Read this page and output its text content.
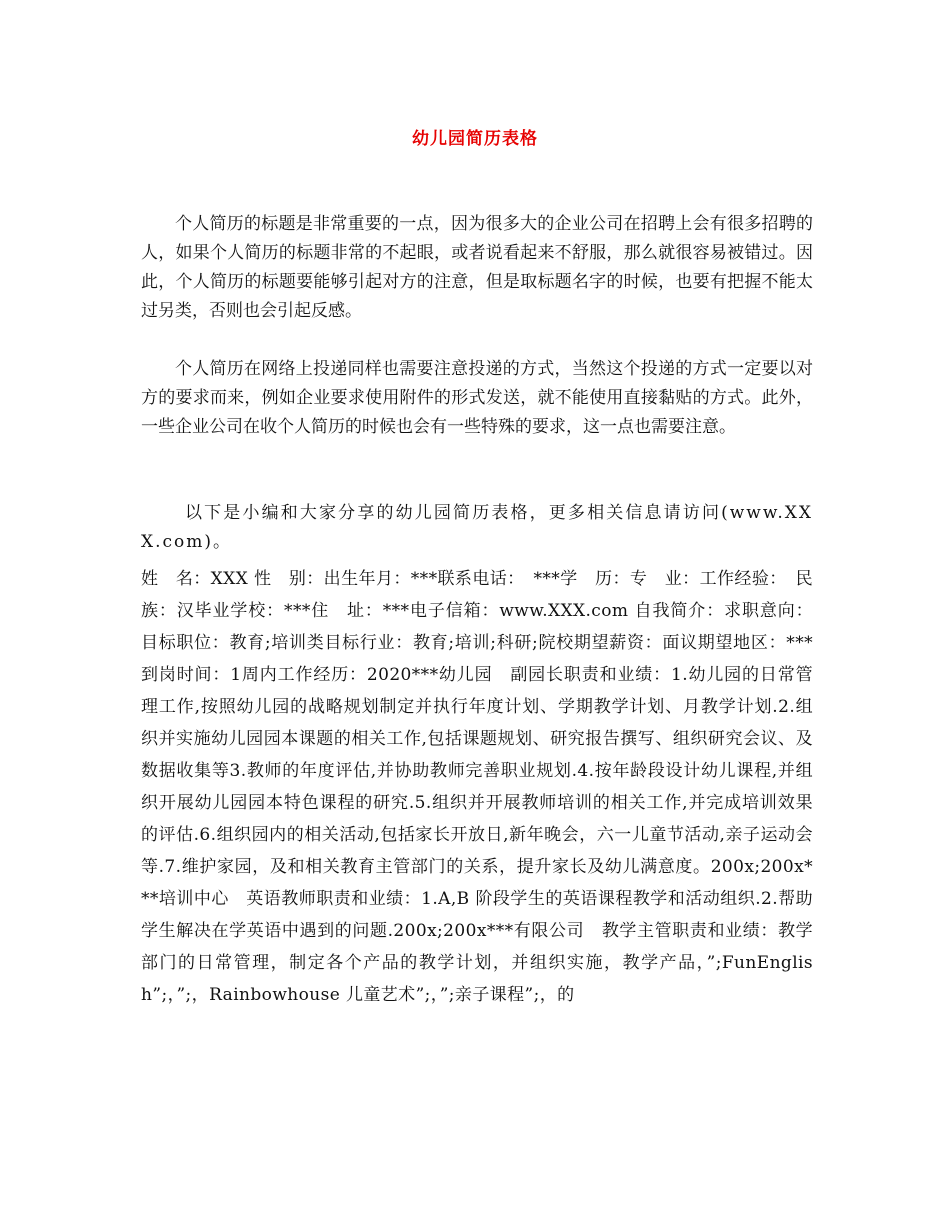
幼儿园简历表格

个人简历的标题是非常重要的一点，因为很多大的企业公司在招聘上会有很多招聘的人，如果个人简历的标题非常的不起眼，或者说看起来不舒服，那么就很容易被错过。因此，个人简历的标题要能够引起对方的注意，但是取标题名字的时候，也要有把握不能太过另类，否则也会引起反感。

个人简历在网络上投递同样也需要注意投递的方式，当然这个投递的方式一定要以对方的要求而来，例如企业要求使用附件的形式发送，就不能使用直接黏贴的方式。此外，一些企业公司在收个人简历的时候也会有一些特殊的要求，这一点也需要注意。

以下是小编和大家分享的幼儿园简历表格，更多相关信息请访问(www.XXX.com)。

姓　名：XXX 性　别：出生年月：***联系电话：　***学　历：专　业：工作经验：　民族：汉毕业学校：***住　址：***电子信箱：www.XXX.com 自我简介：求职意向：目标职位：教育;培训类目标行业：教育;培训;科研;院校期望薪资：面议期望地区：***到岗时间：1周内工作经历：2020***幼儿园　副园长职责和业绩：1.幼儿园的日常管理工作,按照幼儿园的战略规划制定并执行年度计划、学期教学计划、月教学计划.2.组织并实施幼儿园园本课题的相关工作,包括课题规划、研究报告撰写、组织研究会议、及数据收集等3.教师的年度评估,并协助教师完善职业规划.4.按年龄段设计幼儿课程,并组织开展幼儿园园本特色课程的研究.5.组织并开展教师培训的相关工作,并完成培训效果的评估.6.组织园内的相关活动,包括家长开放日,新年晚会，六一儿童节活动,亲子运动会等.7.维护家园，及和相关教育主管部门的关系，提升家长及幼儿满意度。200x;200x***培训中心　英语教师职责和业绩：1.A,B 阶段学生的英语课程教学和活动组织.2.帮助学生解决在学英语中遇到的问题.200x;200x***有限公司　教学主管职责和业绩：教学部门的日常管理，制定各个产品的教学计划，并组织实施，教学产品，”;FunEnglish”;，”;，Rainbowhouse 儿童艺术”;，”;亲子课程”;，的
